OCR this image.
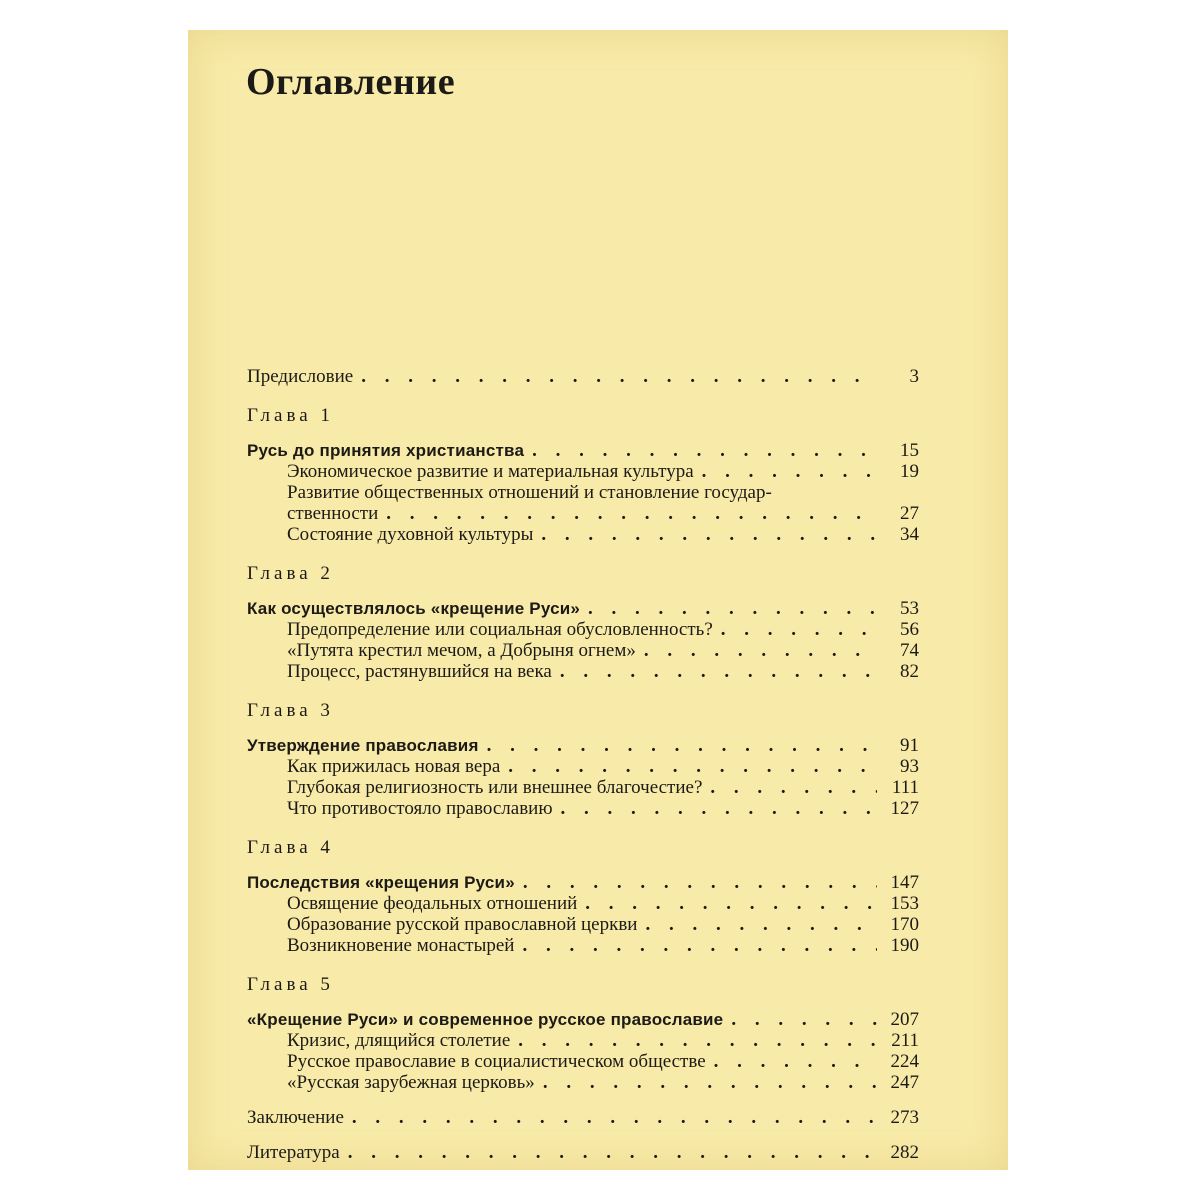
Оглавление
Предисловие . . .	3
Глава 1
Русь до принятия христианства . . .	15
Экономическое развитие и материальная культура . . .	19
Развитие общественных отношений и становление государ-
ственности . . .	27
Состояние духовной культуры . . .	34
Глава 2
Как осуществлялось «крещение Руси» . . .	53
Предопределение или социальная обусловленность? . . .	56
«Путята крестил мечом, а Добрыня огнем» . . .	74
Процесс, растянувшийся на века . . .	82
Глава 3
Утверждение православия . . .	91
Как прижилась новая вера . . .	93
Глубокая религиозность или внешнее благочестие? . . .	111
Что противостояло православию . . .	127
Глава 4
Последствия «крещения Руси» . . .	147
Освящение феодальных отношений . . .	153
Образование русской православной церкви . . .	170
Возникновение монастырей . . .	190
Глава 5
«Крещение Руси» и современное русское православие . . .	207
Кризис, длящийся столетие . . .	211
Русское православие в социалистическом обществе . . .	224
«Русская зарубежная церковь» . . .	247
Заключение . . .	273
Литература . . .	282
